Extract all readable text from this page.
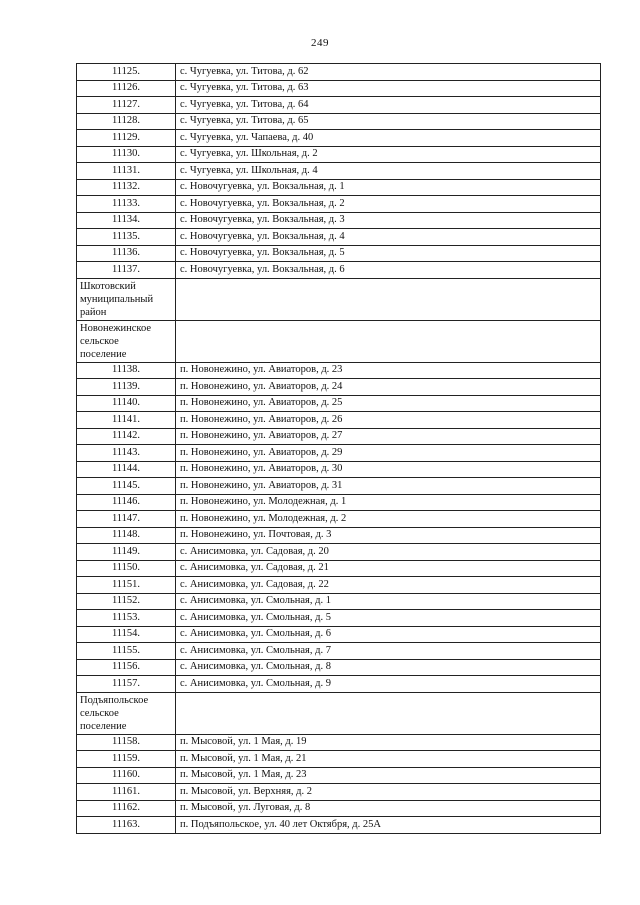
249
11125.	с. Чугуевка, ул. Титова, д. 62
11126.	с. Чугуевка, ул. Титова, д. 63
11127.	с. Чугуевка, ул. Титова, д. 64
11128.	с. Чугуевка, ул. Титова, д. 65
11129.	с. Чугуевка, ул. Чапаева, д. 40
11130.	с. Чугуевка, ул. Школьная, д. 2
11131.	с. Чугуевка, ул. Школьная, д. 4
11132.	с. Новочугуевка, ул. Вокзальная, д. 1
11133.	с. Новочугуевка, ул. Вокзальная, д. 2
11134.	с. Новочугуевка, ул. Вокзальная, д. 3
11135.	с. Новочугуевка, ул. Вокзальная, д. 4
11136.	с. Новочугуевка, ул. Вокзальная, д. 5
11137.	с. Новочугуевка, ул. Вокзальная, д. 6

Шкотовский
муниципальный
район	

Новонежинское
сельское
поселение	

11138.	п. Новонежино, ул. Авиаторов, д. 23
11139.	п. Новонежино, ул. Авиаторов, д. 24
11140.	п. Новонежино, ул. Авиаторов, д. 25
11141.	п. Новонежино, ул. Авиаторов, д. 26
11142.	п. Новонежино, ул. Авиаторов, д. 27
11143.	п. Новонежино, ул. Авиаторов, д. 29
11144.	п. Новонежино, ул. Авиаторов, д. 30
11145.	п. Новонежино, ул. Авиаторов, д. 31
11146.	п. Новонежино, ул. Молодежная, д. 1
11147.	п. Новонежино, ул. Молодежная, д. 2
11148.	п. Новонежино, ул. Почтовая, д. 3
11149.	с. Анисимовка, ул. Садовая, д. 20
11150.	с. Анисимовка, ул. Садовая, д. 21
11151.	с. Анисимовка, ул. Садовая, д. 22
11152.	с. Анисимовка, ул. Смольная, д. 1
11153.	с. Анисимовка, ул. Смольная, д. 5
11154.	с. Анисимовка, ул. Смольная, д. 6
11155.	с. Анисимовка, ул. Смольная, д. 7
11156.	с. Анисимовка, ул. Смольная, д. 8
11157.	с. Анисимовка, ул. Смольная, д. 9

Подъяпольское
сельское
поселение	

11158.	п. Мысовой, ул. 1 Мая, д. 19
11159.	п. Мысовой, ул. 1 Мая, д. 21
11160.	п. Мысовой, ул. 1 Мая, д. 23
11161.	п. Мысовой, ул. Верхняя, д. 2
11162.	п. Мысовой, ул. Луговая, д. 8
11163.	п. Подъяпольское, ул. 40 лет Октября, д. 25А
